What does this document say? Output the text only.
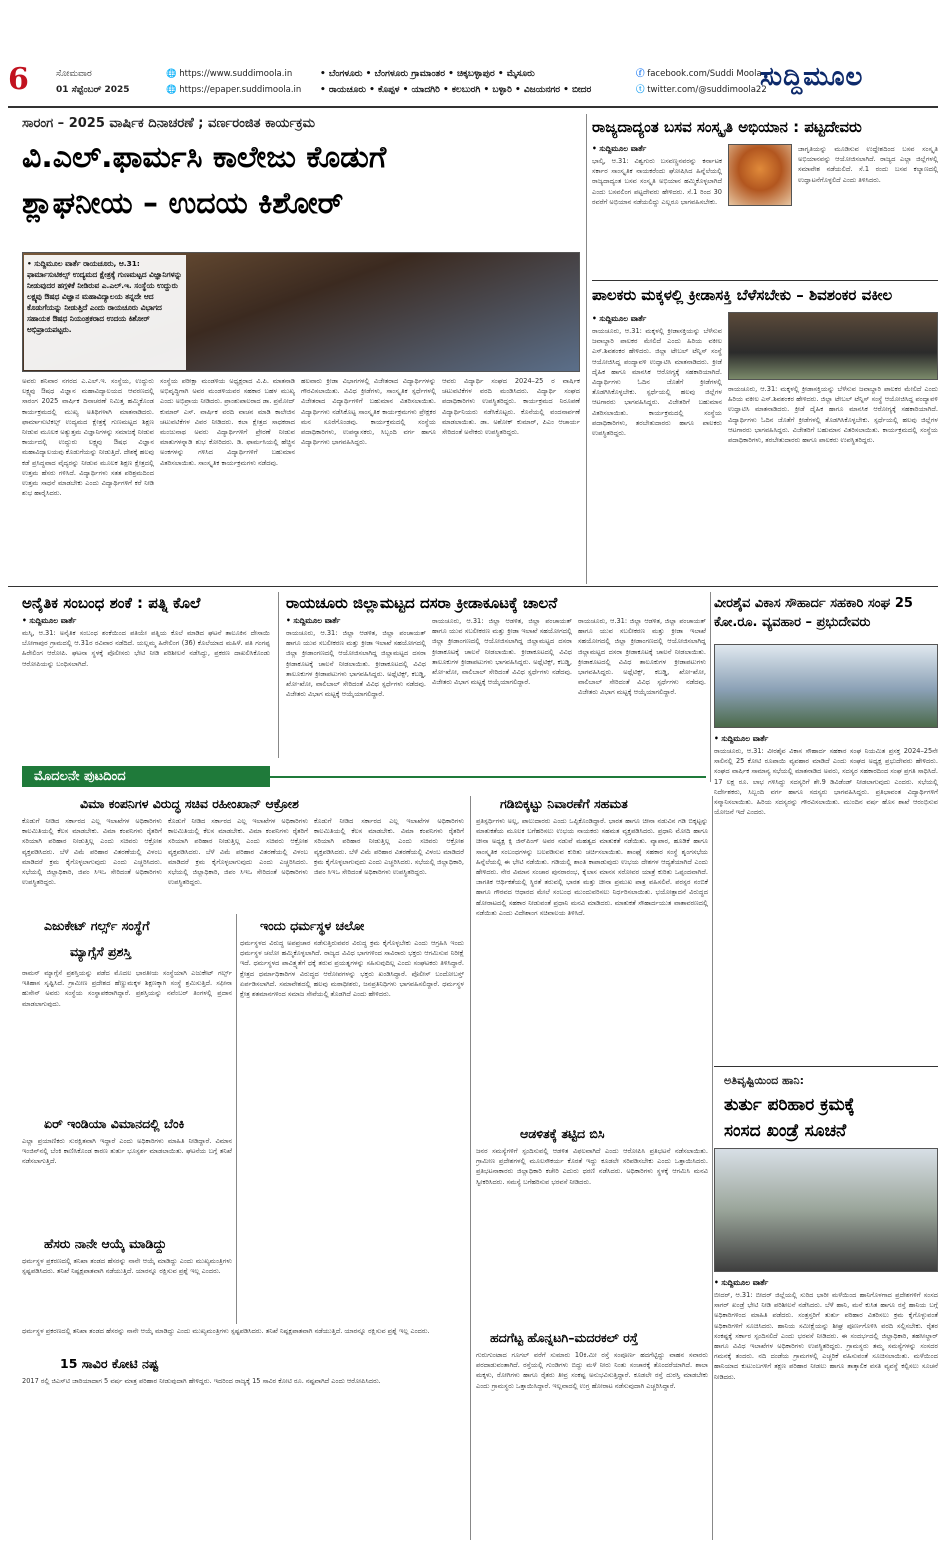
6	ಸೋಮವಾರ
01 ಸೆಪ್ಟೆಂಬರ್ 2025
🌐 https://www.suddimoola.in
🌐 https://epaper.suddimoola.in
• ಬೆಂಗಳೂರು • ಬೆಂಗಳೂರು ಗ್ರಾಮಾಂತರ • ಚಿಕ್ಕಬಳ್ಳಾಪುರ • ಮೈಸೂರು
• ರಾಯಚೂರು • ಕೊಪ್ಪಳ • ಯಾದಗಿರಿ • ಕಲಬುರಗಿ • ಬಳ್ಳಾರಿ • ವಿಜಯನಗರ • ಬೀದರ
ⓕ facebook.com/Suddi Moola
ⓣ twitter.com/@suddimoola22
ಸುದ್ದಿಮೂಲ
ಸಾರಂಗ – 2025 ವಾರ್ಷಿಕ ದಿನಾಚರಣೆ ; ವರ್ಣರಂಜಿತ ಕಾರ್ಯಕ್ರಮ
ವಿ.ಎಲ್.ಫಾರ್ಮಸಿ ಕಾಲೇಜು ಕೊಡುಗೆ
ಶ್ಲಾಘನೀಯ – ಉದಯ ಕಿಶೋರ್
• ಸುದ್ದಿಮೂಲ ವಾರ್ತೆ ರಾಯಚೂರು, ಆ.31: ಫಾರ್ಮಾಸುಟಿಕಲ್ಸ್ ಉದ್ಯಮದ ಕ್ಷೇತ್ರಕ್ಕೆ ಗುಣಮಟ್ಟದ ವಿಜ್ಞಾನಿಗಳನ್ನು ನೀಡುವುದರ ಹಗ್ಗಳಿಕೆ ನೀಡಿರುವ ಎ.ಎಲ್.ಇ. ಸಂಸ್ಥೆಯ ಉದ್ದುರು ಲಕ್ಷ್ಯವು ಔಷಧ ವಿಜ್ಞಾನ ಮಹಾವಿದ್ಯಾಲಯ ತನ್ನದೇ ಆದ ಕೊಡುಗೆಯನ್ನು ನೀಡುತ್ತಿದೆ ಎಂದು ರಾಯಚೂರು ವಿಭಾಗದ ಸಹಾಯಕ ಔಷಧ ನಿಯಂತ್ರಕರಾದ ಉದಯ ಕಿಶೋರ್ ಅಭಿಪ್ರಾಯಪಟ್ಟರು.
ಅವರು ಶನಿವಾರ ನಗರದ ಎ.ಎಲ್.ಇ. ಸಂಸ್ಥೆಯ, ಉದ್ದುರು ಲಕ್ಷ್ಯವು ಔಷಧ ವಿಜ್ಞಾನ ಮಹಾವಿದ್ಯಾಲಯದ ಆವರಣದಲ್ಲಿ ಸಾರಂಗ 2025 ವಾರ್ಷಿಕ ದಿನಾಚರಣೆ ನಿಮಿತ್ತ ಹಮ್ಮಿಕೊಂಡ ಕಾರ್ಯಕ್ರಮದಲ್ಲಿ ಮುಖ್ಯ ಅತಿಥಿಗಳಾಗಿ ಮಾತನಾಡಿದರು. ಫಾರ್ಮಾಸುಟಿಕಲ್ಸ್ ಉದ್ಯಮದ ಕ್ಷೇತ್ರಕ್ಕೆ ಗುಣಮಟ್ಟದ ಶಿಕ್ಷಣ ನೀಡುವ ಮೂಲಕ ಅತ್ಯುತ್ತಮ ವಿಜ್ಞಾನಿಗಳನ್ನು ಸಮಾಜಕ್ಕೆ ನೀಡುವ ಕಾರ್ಯದಲ್ಲಿ ಉದ್ದುರು ಲಕ್ಷ್ಯವು ಔಷಧ ವಿಜ್ಞಾನ ಮಹಾವಿದ್ಯಾಲಯವು ಕೊಡುಗೆಯನ್ನು ನೀಡುತ್ತಿದೆ. ದೇಶಕ್ಕೆ ಹಲವು ಕಡೆ ಪ್ರಸಿದ್ಧವಾದ ವೈದ್ಯರನ್ನು ನೀಡುವ ಮೂಲಕ ಶಿಕ್ಷಣ ಕ್ಷೇತ್ರದಲ್ಲಿ ಉತ್ತಮ ಹೆಸರು ಗಳಿಸಿದೆ. ವಿದ್ಯಾರ್ಥಿಗಳು ಸತತ ಪರಿಶ್ರಮದಿಂದ ಉತ್ತಮ ಸಾಧನೆ ಮಾಡಬೇಕು ಎಂದು ವಿದ್ಯಾರ್ಥಿಗಳಿಗೆ ಕರೆ ನೀಡಿ ಶುಭ ಹಾರೈಸಿದರು.
ಸಂಸ್ಥೆಯ ಪರೀಕ್ಷಾ ಮಂಡಳಿಯ ಅಧ್ಯಕ್ಷರಾದ ವಿ.ಪಿ. ಮಾತನಾಡಿ ಅಭಿವೃದ್ಧಿಗಾಗಿ ಅವರ ಮಂಡಳಿಯವರ ಸಹಕಾರ ಬಹಳ ಮುಖ್ಯ ಎಂದು ಅಭಿಪ್ರಾಯ ನೀಡಿದರು. ಪ್ರಾಂಶುಪಾಲರಾದ ಡಾ. ಪ್ರಮೋದ್ ಕುಮಾರ್ ಎಸ್. ವಾರ್ಷಿಕ ವರದಿ ವಾಚನ ಮಾಡಿ ಕಾಲೇಜಿನ ಚಟುವಟಿಕೆಗಳ ವಿವರ ನೀಡಿದರು. ಕಲಾ ಕ್ಷೇತ್ರದ ಸಾಧಕರಾದ ಮಂಜುನಾಥ ಅವರು ವಿದ್ಯಾರ್ಥಿಗಳಿಗೆ ಪ್ರೇರಣೆ ನೀಡುವ ಮಾತುಗಳನ್ನಾಡಿ ಶುಭ ಕೋರಿದರು. ಡಿ. ಫಾರ್ಮಸಿಯಲ್ಲಿ ಹೆಚ್ಚಿನ ಅಂಕಗಳನ್ನು ಗಳಿಸಿದ ವಿದ್ಯಾರ್ಥಿಗಳಿಗೆ ಬಹುಮಾನ ವಿತರಿಸಲಾಯಿತು. ಸಾಂಸ್ಕೃತಿಕ ಕಾರ್ಯಕ್ರಮಗಳು ನಡೆದವು.
ಹಲವಾರು ಕ್ರೀಡಾ ವಿಭಾಗಗಳಲ್ಲಿ ವಿಜೇತರಾದ ವಿದ್ಯಾರ್ಥಿಗಳನ್ನು ಗೌರವಿಸಲಾಯಿತು. ವಿವಿಧ ಕ್ರೀಡೆಗಳು, ಸಾಂಸ್ಕೃತಿಕ ಸ್ಪರ್ಧೆಗಳಲ್ಲಿ ವಿಜೇತರಾದ ವಿದ್ಯಾರ್ಥಿಗಳಿಗೆ ಬಹುಮಾನ ವಿತರಿಸಲಾಯಿತು. ವಿದ್ಯಾರ್ಥಿಗಳು ನಡೆಸಿಕೊಟ್ಟ ಸಾಂಸ್ಕೃತಿಕ ಕಾರ್ಯಕ್ರಮಗಳು ಪ್ರೇಕ್ಷಕರ ಮನ ಸೂರೆಗೊಂಡವು. ಕಾರ್ಯಕ್ರಮದಲ್ಲಿ ಸಂಸ್ಥೆಯ ಪದಾಧಿಕಾರಿಗಳು, ಉಪನ್ಯಾಸಕರು, ಸಿಬ್ಬಂದಿ ವರ್ಗ ಹಾಗೂ ವಿದ್ಯಾರ್ಥಿಗಳು ಭಾಗವಹಿಸಿದ್ದರು.
ಆವರು ವಿದ್ಯಾರ್ಥಿ ಸಂಘದ 2024–25 ರ ವಾರ್ಷಿಕ ಚಟುವಟಿಕೆಗಳ ವರದಿ ಮಂಡಿಸಿದರು. ವಿದ್ಯಾರ್ಥಿ ಸಂಘದ ಪದಾಧಿಕಾರಿಗಳು ಉಪಸ್ಥಿತರಿದ್ದರು. ಕಾರ್ಯಕ್ರಮದ ನಿರೂಪಣೆ ವಿದ್ಯಾರ್ಥಿನಿಯರು ನಡೆಸಿಕೊಟ್ಟರು. ಕೊನೆಯಲ್ಲಿ ವಂದನಾರ್ಪಣೆ ಮಾಡಲಾಯಿತು. ಡಾ. ಅಶೋಕ್ ಕುಮಾರ್, ಪಿಎಂ ಆಚಾರ್ಯ ಸೇರಿದಂತೆ ಅನೇಕರು ಉಪಸ್ಥಿತರಿದ್ದರು.
ರಾಜ್ಯದಾದ್ಯಂತ ಬಸವ ಸಂಸ್ಕೃತಿ ಅಭಿಯಾನ : ಪಟ್ಟದೇವರು
• ಸುದ್ದಿಮೂಲ ವಾರ್ತೆ
ಭಾಲ್ಕಿ, ಆ.31: ವಿಶ್ವಗುರು ಬಸವಣ್ಣನವರನ್ನು ಕರ್ನಾಟಕ ಸರ್ಕಾರ ಸಾಂಸ್ಕೃತಿಕ ನಾಯಕರೆಂದು ಘೋಷಿಸಿದ ಹಿನ್ನೆಲೆಯಲ್ಲಿ ರಾಜ್ಯದಾದ್ಯಂತ ಬಸವ ಸಂಸ್ಕೃತಿ ಅಭಿಯಾನ ಹಮ್ಮಿಕೊಳ್ಳಲಾಗಿದೆ ಎಂದು ಬಸವಲಿಂಗ ಪಟ್ಟದೇವರು ಹೇಳಿದರು. ಸೆ.1 ರಿಂದ 30 ರವರೆಗೆ ಅಭಿಯಾನ ನಡೆಯಲಿದ್ದು ಎಲ್ಲರೂ ಭಾಗವಹಿಸಬೇಕು.
ಜಾಗೃತಿಯನ್ನು ಮೂಡಿಸುವ ಉದ್ದೇಶದಿಂದ ಬಸವ ಸಂಸ್ಕೃತಿ ಅಭಿಯಾನವನ್ನು ಆಯೋಜಿಸಲಾಗಿದೆ. ರಾಜ್ಯದ ಎಲ್ಲಾ ಜಿಲ್ಲೆಗಳಲ್ಲಿ ಸಮಾವೇಶ ನಡೆಯಲಿದೆ. ಸೆ.1 ರಂದು ಬಸವ ಕಲ್ಯಾಣದಲ್ಲಿ ಉದ್ಘಾಟನೆಗೊಳ್ಳಲಿದೆ ಎಂದು ತಿಳಿಸಿದರು.
ಪಾಲಕರು ಮಕ್ಕಳಲ್ಲಿ ಕ್ರೀಡಾಸಕ್ತಿ ಬೆಳೆಸಬೇಕು – ಶಿವಶಂಕರ ವಕೀಲ
• ಸುದ್ದಿಮೂಲ ವಾರ್ತೆ
ರಾಯಚೂರು, ಆ.31: ಮಕ್ಕಳಲ್ಲಿ ಕ್ರೀಡಾಸಕ್ತಿಯನ್ನು ಬೆಳೆಸುವ ಜವಾಬ್ದಾರಿ ಪಾಲಕರ ಮೇಲಿದೆ ಎಂದು ಹಿರಿಯ ವಕೀಲ ಎಸ್.ಶಿವಶಂಕರ ಹೇಳಿದರು. ಜಿಲ್ಲಾ ಟೇಬಲ್ ಟೆನ್ನಿಸ್ ಸಂಸ್ಥೆ ಆಯೋಜಿಸಿದ್ದ ಪಂದ್ಯಾವಳಿ ಉದ್ಘಾಟಿಸಿ ಮಾತನಾಡಿದರು. ಕ್ರೀಡೆ ದೈಹಿಕ ಹಾಗೂ ಮಾನಸಿಕ ಆರೋಗ್ಯಕ್ಕೆ ಸಹಕಾರಿಯಾಗಿದೆ. ವಿದ್ಯಾರ್ಥಿಗಳು ಓದಿನ ಜೊತೆಗೆ ಕ್ರೀಡೆಗಳಲ್ಲಿ ತೊಡಗಿಸಿಕೊಳ್ಳಬೇಕು. ಸ್ಪರ್ಧೆಯಲ್ಲಿ ಹಲವು ಜಿಲ್ಲೆಗಳ ಆಟಗಾರರು ಭಾಗವಹಿಸಿದ್ದರು. ವಿಜೇತರಿಗೆ ಬಹುಮಾನ ವಿತರಿಸಲಾಯಿತು. ಕಾರ್ಯಕ್ರಮದಲ್ಲಿ ಸಂಸ್ಥೆಯ ಪದಾಧಿಕಾರಿಗಳು, ತರಬೇತುದಾರರು ಹಾಗೂ ಪಾಲಕರು ಉಪಸ್ಥಿತರಿದ್ದರು.
ರಾಯಚೂರು, ಆ.31: ಮಕ್ಕಳಲ್ಲಿ ಕ್ರೀಡಾಸಕ್ತಿಯನ್ನು ಬೆಳೆಸುವ ಜವಾಬ್ದಾರಿ ಪಾಲಕರ ಮೇಲಿದೆ ಎಂದು ಹಿರಿಯ ವಕೀಲ ಎಸ್.ಶಿವಶಂಕರ ಹೇಳಿದರು. ಜಿಲ್ಲಾ ಟೇಬಲ್ ಟೆನ್ನಿಸ್ ಸಂಸ್ಥೆ ಆಯೋಜಿಸಿದ್ದ ಪಂದ್ಯಾವಳಿ ಉದ್ಘಾಟಿಸಿ ಮಾತನಾಡಿದರು. ಕ್ರೀಡೆ ದೈಹಿಕ ಹಾಗೂ ಮಾನಸಿಕ ಆರೋಗ್ಯಕ್ಕೆ ಸಹಕಾರಿಯಾಗಿದೆ. ವಿದ್ಯಾರ್ಥಿಗಳು ಓದಿನ ಜೊತೆಗೆ ಕ್ರೀಡೆಗಳಲ್ಲಿ ತೊಡಗಿಸಿಕೊಳ್ಳಬೇಕು. ಸ್ಪರ್ಧೆಯಲ್ಲಿ ಹಲವು ಜಿಲ್ಲೆಗಳ ಆಟಗಾರರು ಭಾಗವಹಿಸಿದ್ದರು. ವಿಜೇತರಿಗೆ ಬಹುಮಾನ ವಿತರಿಸಲಾಯಿತು. ಕಾರ್ಯಕ್ರಮದಲ್ಲಿ ಸಂಸ್ಥೆಯ ಪದಾಧಿಕಾರಿಗಳು, ತರಬೇತುದಾರರು ಹಾಗೂ ಪಾಲಕರು ಉಪಸ್ಥಿತರಿದ್ದರು.
ಅನೈತಿಕ ಸಂಬಂಧ ಶಂಕೆ : ಪತ್ನಿ ಕೊಲೆ
• ಸುದ್ದಿಮೂಲ ವಾರ್ತೆ
ಮಸ್ಕಿ, ಆ.31: ಅನೈತಿಕ ಸಂಬಂಧ ಶಂಕೆಯಿಂದ ಪತಿಯೇ ಪತ್ನಿಯ ಕೊಲೆ ಮಾಡಿದ ಘಟನೆ ತಾಲೂಕಿನ ದೇಸಾಯಿ ಬೋಗಾಪುರ ಗ್ರಾಮದಲ್ಲಿ ಆ.31ರ ರವಿವಾರ ನಡೆದಿದೆ. ಯಲ್ಲಮ್ಮ ಹಿರೇಲಿಂಗ (36) ಕೊಲೆಯಾದ ಮಹಿಳೆ. ಪತಿ ಗಂಗಪ್ಪ ಹಿರೇಲಿಂಗ ಆರೋಪಿ. ಘಟನಾ ಸ್ಥಳಕ್ಕೆ ಪೊಲೀಸರು ಭೇಟಿ ನೀಡಿ ಪರಿಶೀಲನೆ ನಡೆಸಿದ್ದು, ಪ್ರಕರಣ ದಾಖಲಿಸಿಕೊಂಡು ಆರೋಪಿಯನ್ನು ಬಂಧಿಸಲಾಗಿದೆ.
ರಾಯಚೂರು ಜಿಲ್ಲಾಮಟ್ಟದ ದಸರಾ ಕ್ರೀಡಾಕೂಟಕ್ಕೆ ಚಾಲನೆ
• ಸುದ್ದಿಮೂಲ ವಾರ್ತೆ
ರಾಯಚೂರು, ಆ.31: ಜಿಲ್ಲಾ ಆಡಳಿತ, ಜಿಲ್ಲಾ ಪಂಚಾಯತ್ ಹಾಗೂ ಯುವ ಸಬಲೀಕರಣ ಮತ್ತು ಕ್ರೀಡಾ ಇಲಾಖೆ ಸಹಯೋಗದಲ್ಲಿ ಜಿಲ್ಲಾ ಕ್ರೀಡಾಂಗಣದಲ್ಲಿ ಆಯೋಜಿಸಲಾಗಿದ್ದ ಜಿಲ್ಲಾಮಟ್ಟದ ದಸರಾ ಕ್ರೀಡಾಕೂಟಕ್ಕೆ ಚಾಲನೆ ನೀಡಲಾಯಿತು. ಕ್ರೀಡಾಕೂಟದಲ್ಲಿ ವಿವಿಧ ತಾಲೂಕುಗಳ ಕ್ರೀಡಾಪಟುಗಳು ಭಾಗವಹಿಸಿದ್ದರು. ಅಥ್ಲೆಟಿಕ್ಸ್, ಕಬಡ್ಡಿ, ಖೋ-ಖೋ, ವಾಲಿಬಾಲ್ ಸೇರಿದಂತೆ ವಿವಿಧ ಸ್ಪರ್ಧೆಗಳು ನಡೆದವು. ವಿಜೇತರು ವಿಭಾಗ ಮಟ್ಟಕ್ಕೆ ಆಯ್ಕೆಯಾಗಲಿದ್ದಾರೆ.
ರಾಯಚೂರು, ಆ.31: ಜಿಲ್ಲಾ ಆಡಳಿತ, ಜಿಲ್ಲಾ ಪಂಚಾಯತ್ ಹಾಗೂ ಯುವ ಸಬಲೀಕರಣ ಮತ್ತು ಕ್ರೀಡಾ ಇಲಾಖೆ ಸಹಯೋಗದಲ್ಲಿ ಜಿಲ್ಲಾ ಕ್ರೀಡಾಂಗಣದಲ್ಲಿ ಆಯೋಜಿಸಲಾಗಿದ್ದ ಜಿಲ್ಲಾಮಟ್ಟದ ದಸರಾ ಕ್ರೀಡಾಕೂಟಕ್ಕೆ ಚಾಲನೆ ನೀಡಲಾಯಿತು. ಕ್ರೀಡಾಕೂಟದಲ್ಲಿ ವಿವಿಧ ತಾಲೂಕುಗಳ ಕ್ರೀಡಾಪಟುಗಳು ಭಾಗವಹಿಸಿದ್ದರು. ಅಥ್ಲೆಟಿಕ್ಸ್, ಕಬಡ್ಡಿ, ಖೋ-ಖೋ, ವಾಲಿಬಾಲ್ ಸೇರಿದಂತೆ ವಿವಿಧ ಸ್ಪರ್ಧೆಗಳು ನಡೆದವು. ವಿಜೇತರು ವಿಭಾಗ ಮಟ್ಟಕ್ಕೆ ಆಯ್ಕೆಯಾಗಲಿದ್ದಾರೆ.
ರಾಯಚೂರು, ಆ.31: ಜಿಲ್ಲಾ ಆಡಳಿತ, ಜಿಲ್ಲಾ ಪಂಚಾಯತ್ ಹಾಗೂ ಯುವ ಸಬಲೀಕರಣ ಮತ್ತು ಕ್ರೀಡಾ ಇಲಾಖೆ ಸಹಯೋಗದಲ್ಲಿ ಜಿಲ್ಲಾ ಕ್ರೀಡಾಂಗಣದಲ್ಲಿ ಆಯೋಜಿಸಲಾಗಿದ್ದ ಜಿಲ್ಲಾಮಟ್ಟದ ದಸರಾ ಕ್ರೀಡಾಕೂಟಕ್ಕೆ ಚಾಲನೆ ನೀಡಲಾಯಿತು. ಕ್ರೀಡಾಕೂಟದಲ್ಲಿ ವಿವಿಧ ತಾಲೂಕುಗಳ ಕ್ರೀಡಾಪಟುಗಳು ಭಾಗವಹಿಸಿದ್ದರು. ಅಥ್ಲೆಟಿಕ್ಸ್, ಕಬಡ್ಡಿ, ಖೋ-ಖೋ, ವಾಲಿಬಾಲ್ ಸೇರಿದಂತೆ ವಿವಿಧ ಸ್ಪರ್ಧೆಗಳು ನಡೆದವು. ವಿಜೇತರು ವಿಭಾಗ ಮಟ್ಟಕ್ಕೆ ಆಯ್ಕೆಯಾಗಲಿದ್ದಾರೆ.
ವೀರಶೈವ ವಿಕಾಸ ಸೌಹಾರ್ದ ಸಹಕಾರಿ ಸಂಘ 25 ಕೋ.ರೂ. ವ್ಯವಹಾರ – ಪ್ರಭುದೇವರು
• ಸುದ್ದಿಮೂಲ ವಾರ್ತೆ
ರಾಯಚೂರು, ಆ.31: ವೀರಶೈವ ವಿಕಾಸ ಸೌಹಾರ್ದ ಸಹಕಾರ ಸಂಘ ನಿಯಮಿತ ಪ್ರಸಕ್ತ 2024–25ನೇ ಸಾಲಿನಲ್ಲಿ 25 ಕೋಟಿ ರೂಪಾಯಿ ವ್ಯವಹಾರ ಮಾಡಿದೆ ಎಂದು ಸಂಘದ ಅಧ್ಯಕ್ಷ ಪ್ರಭುದೇವರು ಹೇಳಿದರು. ಸಂಘದ ವಾರ್ಷಿಕ ಸಾಮಾನ್ಯ ಸಭೆಯಲ್ಲಿ ಮಾತನಾಡಿದ ಅವರು, ಸದಸ್ಯರ ಸಹಕಾರದಿಂದ ಸಂಘ ಪ್ರಗತಿ ಸಾಧಿಸಿದೆ. 17 ಲಕ್ಷ ರೂ. ಲಾಭ ಗಳಿಸಿದ್ದು ಸದಸ್ಯರಿಗೆ ಶೇ.9 ಡಿವಿಡೆಂಡ್ ನೀಡಲಾಗುವುದು ಎಂದರು. ಸಭೆಯಲ್ಲಿ ನಿರ್ದೇಶಕರು, ಸಿಬ್ಬಂದಿ ವರ್ಗ ಹಾಗೂ ಸದಸ್ಯರು ಭಾಗವಹಿಸಿದ್ದರು. ಪ್ರತಿಭಾವಂತ ವಿದ್ಯಾರ್ಥಿಗಳಿಗೆ ಸನ್ಮಾನಿಸಲಾಯಿತು. ಹಿರಿಯ ಸದಸ್ಯರನ್ನು ಗೌರವಿಸಲಾಯಿತು. ಮುಂದಿನ ವರ್ಷ ಹೊಸ ಶಾಖೆ ಆರಂಭಿಸುವ ಯೋಜನೆ ಇದೆ ಎಂದರು.
ಮೊದಲನೇ ಪುಟದಿಂದ
ವಿಮಾ ಕಂಪನಿಗಳ ವಿರುದ್ಧ ಸಚಿವ ರಹೀಂಖಾನ್ ಆಕ್ರೋಶ
ಕೊಡುಗೆ ನೀಡಿದ ಸರ್ಕಾರದ ಎಲ್ಲ ಇಲಾಖೆಗಳ ಅಧಿಕಾರಿಗಳು ಕಾಲಮಿತಿಯಲ್ಲಿ ಕೆಲಸ ಮಾಡಬೇಕು. ವಿಮಾ ಕಂಪನಿಗಳು ರೈತರಿಗೆ ಸರಿಯಾಗಿ ಪರಿಹಾರ ನೀಡುತ್ತಿಲ್ಲ ಎಂದು ಸಚಿವರು ಆಕ್ರೋಶ ವ್ಯಕ್ತಪಡಿಸಿದರು. ಬೆಳೆ ವಿಮೆ ಪರಿಹಾರ ವಿತರಣೆಯಲ್ಲಿ ವಿಳಂಬ ಮಾಡಿದರೆ ಕ್ರಮ ಕೈಗೊಳ್ಳಲಾಗುವುದು ಎಂದು ಎಚ್ಚರಿಸಿದರು. ಸಭೆಯಲ್ಲಿ ಜಿಲ್ಲಾಧಿಕಾರಿ, ಜಿಪಂ ಸಿಇಒ ಸೇರಿದಂತೆ ಅಧಿಕಾರಿಗಳು ಉಪಸ್ಥಿತರಿದ್ದರು.
ಕೊಡುಗೆ ನೀಡಿದ ಸರ್ಕಾರದ ಎಲ್ಲ ಇಲಾಖೆಗಳ ಅಧಿಕಾರಿಗಳು ಕಾಲಮಿತಿಯಲ್ಲಿ ಕೆಲಸ ಮಾಡಬೇಕು. ವಿಮಾ ಕಂಪನಿಗಳು ರೈತರಿಗೆ ಸರಿಯಾಗಿ ಪರಿಹಾರ ನೀಡುತ್ತಿಲ್ಲ ಎಂದು ಸಚಿವರು ಆಕ್ರೋಶ ವ್ಯಕ್ತಪಡಿಸಿದರು. ಬೆಳೆ ವಿಮೆ ಪರಿಹಾರ ವಿತರಣೆಯಲ್ಲಿ ವಿಳಂಬ ಮಾಡಿದರೆ ಕ್ರಮ ಕೈಗೊಳ್ಳಲಾಗುವುದು ಎಂದು ಎಚ್ಚರಿಸಿದರು. ಸಭೆಯಲ್ಲಿ ಜಿಲ್ಲಾಧಿಕಾರಿ, ಜಿಪಂ ಸಿಇಒ ಸೇರಿದಂತೆ ಅಧಿಕಾರಿಗಳು ಉಪಸ್ಥಿತರಿದ್ದರು.
ಕೊಡುಗೆ ನೀಡಿದ ಸರ್ಕಾರದ ಎಲ್ಲ ಇಲಾಖೆಗಳ ಅಧಿಕಾರಿಗಳು ಕಾಲಮಿತಿಯಲ್ಲಿ ಕೆಲಸ ಮಾಡಬೇಕು. ವಿಮಾ ಕಂಪನಿಗಳು ರೈತರಿಗೆ ಸರಿಯಾಗಿ ಪರಿಹಾರ ನೀಡುತ್ತಿಲ್ಲ ಎಂದು ಸಚಿವರು ಆಕ್ರೋಶ ವ್ಯಕ್ತಪಡಿಸಿದರು. ಬೆಳೆ ವಿಮೆ ಪರಿಹಾರ ವಿತರಣೆಯಲ್ಲಿ ವಿಳಂಬ ಮಾಡಿದರೆ ಕ್ರಮ ಕೈಗೊಳ್ಳಲಾಗುವುದು ಎಂದು ಎಚ್ಚರಿಸಿದರು. ಸಭೆಯಲ್ಲಿ ಜಿಲ್ಲಾಧಿಕಾರಿ, ಜಿಪಂ ಸಿಇಒ ಸೇರಿದಂತೆ ಅಧಿಕಾರಿಗಳು ಉಪಸ್ಥಿತರಿದ್ದರು.
ಎಜುಕೇಟ್ ಗರ್ಲ್ಸ್ ಸಂಸ್ಥೆಗೆ
ಮ್ಯಾಗ್ಸೆಸೆ ಪ್ರಶಸ್ತಿ
ರಾಮನ್ ಮ್ಯಾಗ್ಸೆಸೆ ಪ್ರಶಸ್ತಿಯನ್ನು ಪಡೆದ ಮೊದಲ ಭಾರತೀಯ ಸಂಸ್ಥೆಯಾಗಿ ಎಜುಕೇಟ್ ಗರ್ಲ್ಸ್ ಇತಿಹಾಸ ಸೃಷ್ಟಿಸಿದೆ. ಗ್ರಾಮೀಣ ಪ್ರದೇಶದ ಹೆಣ್ಣುಮಕ್ಕಳ ಶಿಕ್ಷಣಕ್ಕಾಗಿ ಸಂಸ್ಥೆ ಶ್ರಮಿಸುತ್ತಿದೆ. ಸಫೀನಾ ಹುಸೇನ್ ಅವರು ಸಂಸ್ಥೆಯ ಸಂಸ್ಥಾಪಕರಾಗಿದ್ದಾರೆ. ಪ್ರಶಸ್ತಿಯನ್ನು ನವೆಂಬರ್ ತಿಂಗಳಲ್ಲಿ ಪ್ರದಾನ ಮಾಡಲಾಗುವುದು.
ಏರ್ ಇಂಡಿಯಾ ವಿಮಾನದಲ್ಲಿ ಬೆಂಕಿ
ಎಲ್ಲಾ ಪ್ರಯಾಣಿಕರು ಸುರಕ್ಷಿತವಾಗಿ ಇದ್ದಾರೆ ಎಂದು ಅಧಿಕಾರಿಗಳು ಮಾಹಿತಿ ನೀಡಿದ್ದಾರೆ. ವಿಮಾನ ಇಂಜಿನ್‌ನಲ್ಲಿ ಬೆಂಕಿ ಕಾಣಿಸಿಕೊಂಡ ಕಾರಣ ತುರ್ತು ಭೂಸ್ಪರ್ಶ ಮಾಡಲಾಯಿತು. ಘಟನೆಯ ಬಗ್ಗೆ ತನಿಖೆ ನಡೆಸಲಾಗುತ್ತಿದೆ.
ಹೆಸರು ನಾನೇ ಆಯ್ಕೆ ಮಾಡಿದ್ದು
ಧರ್ಮಸ್ಥಳ ಪ್ರಕರಣದಲ್ಲಿ ತನಿಖಾ ತಂಡದ ಹೆಸರನ್ನು ನಾನೇ ಆಯ್ಕೆ ಮಾಡಿದ್ದು ಎಂದು ಮುಖ್ಯಮಂತ್ರಿಗಳು ಸ್ಪಷ್ಟಪಡಿಸಿದರು. ತನಿಖೆ ನಿಷ್ಪಕ್ಷಪಾತವಾಗಿ ನಡೆಯುತ್ತಿದೆ. ಯಾರನ್ನೂ ರಕ್ಷಿಸುವ ಪ್ರಶ್ನೆ ಇಲ್ಲ ಎಂದರು.
ಧರ್ಮಸ್ಥಳ ಪ್ರಕರಣದಲ್ಲಿ ತನಿಖಾ ತಂಡದ ಹೆಸರನ್ನು ನಾನೇ ಆಯ್ಕೆ ಮಾಡಿದ್ದು ಎಂದು ಮುಖ್ಯಮಂತ್ರಿಗಳು ಸ್ಪಷ್ಟಪಡಿಸಿದರು. ತನಿಖೆ ನಿಷ್ಪಕ್ಷಪಾತವಾಗಿ ನಡೆಯುತ್ತಿದೆ. ಯಾರನ್ನೂ ರಕ್ಷಿಸುವ ಪ್ರಶ್ನೆ ಇಲ್ಲ ಎಂದರು.
15 ಸಾವಿರ ಕೋಟಿ ನಷ್ಟ
2017 ರಲ್ಲಿ ಜಿಎಸ್‌ಟಿ ಜಾರಿಯಾದಾಗ 5 ವರ್ಷ ಮಾತ್ರ ಪರಿಹಾರ ನೀಡುವುದಾಗಿ ಹೇಳಿದ್ದರು. ಇದರಿಂದ ರಾಜ್ಯಕ್ಕೆ 15 ಸಾವಿರ ಕೋಟಿ ರೂ. ನಷ್ಟವಾಗಿದೆ ಎಂದು ಆರೋಪಿಸಿದರು.
ಇಂದು ಧರ್ಮಸ್ಥಳ ಚಲೋ
ಧರ್ಮಸ್ಥಳದ ವಿರುದ್ಧ ಅಪಪ್ರಚಾರ ನಡೆಸುತ್ತಿರುವವರ ವಿರುದ್ಧ ಕ್ರಮ ಕೈಗೊಳ್ಳಬೇಕು ಎಂದು ಆಗ್ರಹಿಸಿ ಇಂದು ಧರ್ಮಸ್ಥಳ ಚಲೋ ಹಮ್ಮಿಕೊಳ್ಳಲಾಗಿದೆ. ರಾಜ್ಯದ ವಿವಿಧ ಭಾಗಗಳಿಂದ ಸಾವಿರಾರು ಭಕ್ತರು ಆಗಮಿಸುವ ನಿರೀಕ್ಷೆ ಇದೆ. ಧರ್ಮಸ್ಥಳದ ಪಾವಿತ್ರ್ಯತೆಗೆ ಧಕ್ಕೆ ತರುವ ಪ್ರಯತ್ನಗಳನ್ನು ಸಹಿಸುವುದಿಲ್ಲ ಎಂದು ಸಂಘಟಕರು ತಿಳಿಸಿದ್ದಾರೆ. ಕ್ಷೇತ್ರದ ಧರ್ಮಾಧಿಕಾರಿಗಳ ವಿರುದ್ಧದ ಆರೋಪಗಳನ್ನು ಭಕ್ತರು ಖಂಡಿಸಿದ್ದಾರೆ. ಪೊಲೀಸ್ ಬಂದೋಬಸ್ತ್ ಏರ್ಪಡಿಸಲಾಗಿದೆ. ಸಮಾವೇಶದಲ್ಲಿ ಹಲವು ಮಠಾಧೀಶರು, ಜನಪ್ರತಿನಿಧಿಗಳು ಭಾಗವಹಿಸಲಿದ್ದಾರೆ. ಧರ್ಮಸ್ಥಳ ಕ್ಷೇತ್ರ ಶತಮಾನಗಳಿಂದ ಸಮಾಜ ಸೇವೆಯಲ್ಲಿ ತೊಡಗಿದೆ ಎಂದು ಹೇಳಿದರು.
ಗಡಿಬಿಕ್ಕಟ್ಟು ನಿವಾರಣೆಗೆ ಸಹಮತ
ಪ್ರತಿಸ್ಪರ್ಧಿಗಳು ಅಲ್ಲ, ಪಾಲುದಾರರು ಎಂದು ಒಪ್ಪಿಕೊಂಡಿದ್ದಾರೆ. ಭಾರತ ಹಾಗೂ ಚೀನಾ ನಡುವಿನ ಗಡಿ ಬಿಕ್ಕಟ್ಟನ್ನು ಮಾತುಕತೆಯ ಮೂಲಕ ಬಗೆಹರಿಸಲು ಉಭಯ ನಾಯಕರು ಸಹಮತ ವ್ಯಕ್ತಪಡಿಸಿದರು. ಪ್ರಧಾನಿ ಮೋದಿ ಹಾಗೂ ಚೀನಾ ಅಧ್ಯಕ್ಷ ಕ್ಸಿ ಜಿನ್‌ಪಿಂಗ್ ಅವರ ನಡುವೆ ಮಹತ್ವದ ಮಾತುಕತೆ ನಡೆಯಿತು. ವ್ಯಾಪಾರ, ಹೂಡಿಕೆ ಹಾಗೂ ಸಾಂಸ್ಕೃತಿಕ ಸಂಬಂಧಗಳನ್ನು ಬಲಪಡಿಸುವ ಕುರಿತು ಚರ್ಚಿಸಲಾಯಿತು. ಶಾಂಘೈ ಸಹಕಾರ ಸಂಸ್ಥೆ ಶೃಂಗಸಭೆಯ ಹಿನ್ನೆಲೆಯಲ್ಲಿ ಈ ಭೇಟಿ ನಡೆಯಿತು. ಗಡಿಯಲ್ಲಿ ಶಾಂತಿ ಕಾಪಾಡುವುದು ಉಭಯ ದೇಶಗಳ ಆದ್ಯತೆಯಾಗಿದೆ ಎಂದು ಹೇಳಿದರು. ನೇರ ವಿಮಾನ ಸಂಚಾರ ಪುನರಾರಂಭ, ಕೈಲಾಸ ಮಾನಸ ಸರೋವರ ಯಾತ್ರೆ ಕುರಿತು ಒಪ್ಪಂದವಾಗಿದೆ. ಜಾಗತಿಕ ಆರ್ಥಿಕತೆಯಲ್ಲಿ ಸ್ಥಿರತೆ ತರುವಲ್ಲಿ ಭಾರತ ಮತ್ತು ಚೀನಾ ಪ್ರಮುಖ ಪಾತ್ರ ವಹಿಸಲಿವೆ. ಪರಸ್ಪರ ನಂಬಿಕೆ ಹಾಗೂ ಗೌರವದ ಆಧಾರದ ಮೇಲೆ ಸಂಬಂಧ ಮುಂದುವರಿಸಲು ನಿರ್ಧರಿಸಲಾಯಿತು. ಭಯೋತ್ಪಾದನೆ ವಿರುದ್ಧದ ಹೋರಾಟದಲ್ಲಿ ಸಹಕಾರ ನೀಡುವಂತೆ ಪ್ರಧಾನಿ ಮನವಿ ಮಾಡಿದರು. ಮಾತುಕತೆ ಸೌಹಾರ್ದಯುತ ವಾತಾವರಣದಲ್ಲಿ ನಡೆಯಿತು ಎಂದು ವಿದೇಶಾಂಗ ಸಚಿವಾಲಯ ತಿಳಿಸಿದೆ.
ಆಡಳಿತಕ್ಕೆ ತಟ್ಟಿದ ಬಿಸಿ
ಜನರ ಸಮಸ್ಯೆಗಳಿಗೆ ಸ್ಪಂದಿಸುವಲ್ಲಿ ಆಡಳಿತ ವಿಫಲವಾಗಿದೆ ಎಂದು ಆರೋಪಿಸಿ ಪ್ರತಿಭಟನೆ ನಡೆಸಲಾಯಿತು. ಗ್ರಾಮೀಣ ಪ್ರದೇಶಗಳಲ್ಲಿ ಮೂಲಸೌಕರ್ಯ ಕೊರತೆ ಇದ್ದು ಕೂಡಲೇ ಸರಿಪಡಿಸಬೇಕು ಎಂದು ಒತ್ತಾಯಿಸಿದರು. ಪ್ರತಿಭಟನಾಕಾರರು ಜಿಲ್ಲಾಧಿಕಾರಿ ಕಚೇರಿ ಎದುರು ಧರಣಿ ನಡೆಸಿದರು. ಅಧಿಕಾರಿಗಳು ಸ್ಥಳಕ್ಕೆ ಆಗಮಿಸಿ ಮನವಿ ಸ್ವೀಕರಿಸಿದರು. ಸಮಸ್ಯೆ ಬಗೆಹರಿಸುವ ಭರವಸೆ ನೀಡಿದರು.
ಹದಗೆಟ್ಟ ಹೊನ್ನಟಗಿ–ಮದರಕಲ್ ರಸ್ತೆ
ಗುರುಗುಂಟಾದ ಗೂಗಲ್ ವರೆಗೆ ಸುಮಾರು 10ಕಿ.ಮೀ ರಸ್ತೆ ಸಂಪೂರ್ಣ ಹದಗೆಟ್ಟಿದ್ದು ವಾಹನ ಸವಾರರು ಪರದಾಡುವಂತಾಗಿದೆ. ರಸ್ತೆಯಲ್ಲಿ ಗುಂಡಿಗಳು ಬಿದ್ದು ಮಳೆ ನೀರು ನಿಂತು ಸಂಚಾರಕ್ಕೆ ತೊಂದರೆಯಾಗಿದೆ. ಶಾಲಾ ಮಕ್ಕಳು, ರೋಗಿಗಳು ಹಾಗೂ ರೈತರು ತೀವ್ರ ಸಂಕಷ್ಟ ಅನುಭವಿಸುತ್ತಿದ್ದಾರೆ. ಕೂಡಲೇ ರಸ್ತೆ ದುರಸ್ತಿ ಮಾಡಬೇಕು ಎಂದು ಗ್ರಾಮಸ್ಥರು ಒತ್ತಾಯಿಸಿದ್ದಾರೆ. ಇಲ್ಲವಾದಲ್ಲಿ ಉಗ್ರ ಹೋರಾಟ ನಡೆಸುವುದಾಗಿ ಎಚ್ಚರಿಸಿದ್ದಾರೆ.
ಅತಿವೃಷ್ಟಿಯಿಂದ ಹಾನಿ:
ತುರ್ತು ಪರಿಹಾರ ಕ್ರಮಕ್ಕೆ
ಸಂಸದ ಖಂಡ್ರೆ ಸೂಚನೆ
• ಸುದ್ದಿಮೂಲ ವಾರ್ತೆ
ಬೀದರ್, ಆ.31: ಬೀದರ್ ಜಿಲ್ಲೆಯಲ್ಲಿ ಸುರಿದ ಭಾರೀ ಮಳೆಯಿಂದ ಹಾನಿಗೊಳಗಾದ ಪ್ರದೇಶಗಳಿಗೆ ಸಂಸದ ಸಾಗರ್ ಖಂಡ್ರೆ ಭೇಟಿ ನೀಡಿ ಪರಿಶೀಲನೆ ನಡೆಸಿದರು. ಬೆಳೆ ಹಾನಿ, ಮನೆ ಕುಸಿತ ಹಾಗೂ ರಸ್ತೆ ಹಾನಿಯ ಬಗ್ಗೆ ಅಧಿಕಾರಿಗಳಿಂದ ಮಾಹಿತಿ ಪಡೆದರು. ಸಂತ್ರಸ್ತರಿಗೆ ತುರ್ತು ಪರಿಹಾರ ವಿತರಿಸಲು ಕ್ರಮ ಕೈಗೊಳ್ಳುವಂತೆ ಅಧಿಕಾರಿಗಳಿಗೆ ಸೂಚಿಸಿದರು. ಹಾನಿಯ ಸಮೀಕ್ಷೆಯನ್ನು ಶೀಘ್ರ ಪೂರ್ಣಗೊಳಿಸಿ ವರದಿ ಸಲ್ಲಿಸಬೇಕು. ರೈತರ ಸಂಕಷ್ಟಕ್ಕೆ ಸರ್ಕಾರ ಸ್ಪಂದಿಸಲಿದೆ ಎಂದು ಭರವಸೆ ನೀಡಿದರು. ಈ ಸಂದರ್ಭದಲ್ಲಿ ಜಿಲ್ಲಾಧಿಕಾರಿ, ತಹಸೀಲ್ದಾರ್ ಹಾಗೂ ವಿವಿಧ ಇಲಾಖೆಗಳ ಅಧಿಕಾರಿಗಳು ಉಪಸ್ಥಿತರಿದ್ದರು. ಗ್ರಾಮಸ್ಥರು ತಮ್ಮ ಸಮಸ್ಯೆಗಳನ್ನು ಸಂಸದರ ಗಮನಕ್ಕೆ ತಂದರು. ನದಿ ದಂಡೆಯ ಗ್ರಾಮಗಳಲ್ಲಿ ಎಚ್ಚರಿಕೆ ವಹಿಸುವಂತೆ ಸೂಚಿಸಲಾಯಿತು. ಮಳೆಯಿಂದ ಹಾನಿಯಾದ ಕುಟುಂಬಗಳಿಗೆ ತಕ್ಷಣ ಪರಿಹಾರ ನೀಡಲು ಹಾಗೂ ತಾತ್ಕಾಲಿಕ ವಸತಿ ವ್ಯವಸ್ಥೆ ಕಲ್ಪಿಸಲು ಸೂಚನೆ ನೀಡಿದರು.
